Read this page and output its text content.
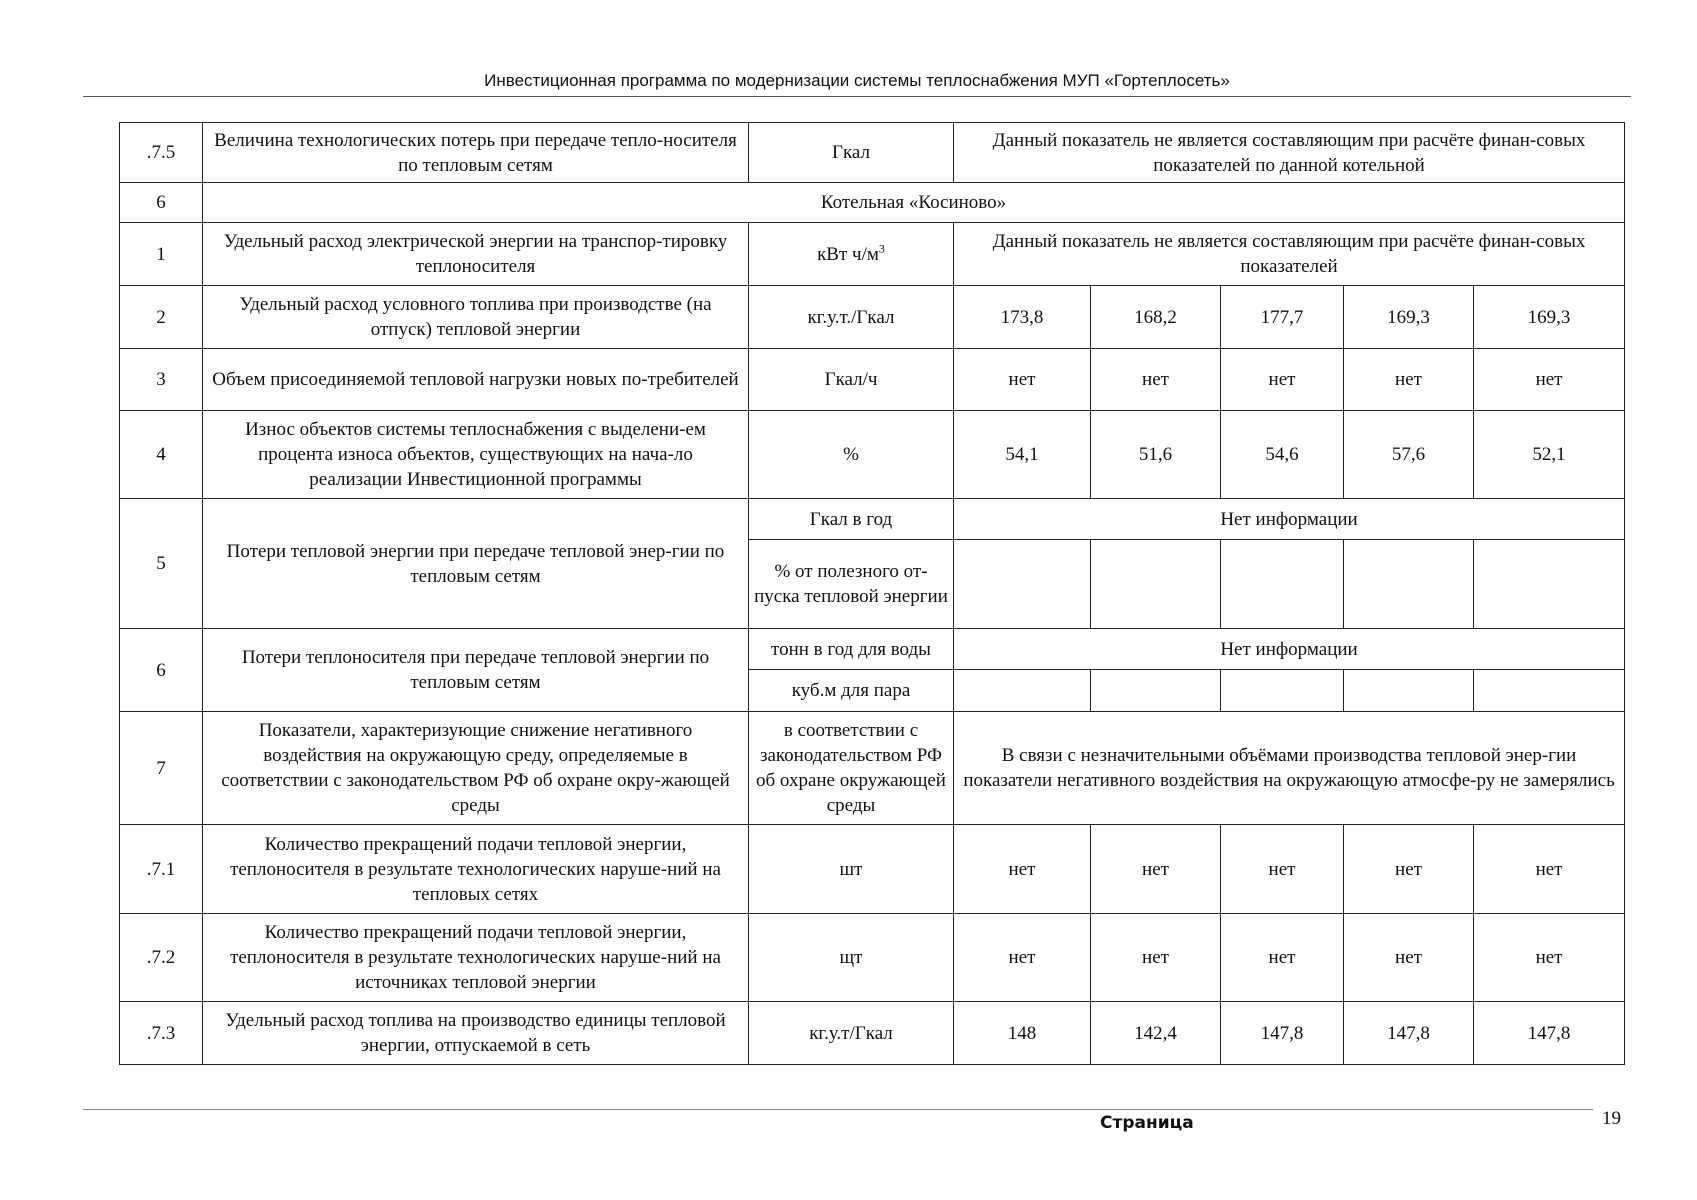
Инвестиционная программа по модернизации системы теплоснабжения МУП «Гортеплосеть»
.7.5	Величина технологических потерь при передаче тепло-носителя по тепловым сетям	Гкал	Данный показатель не является составляющим при расчёте финан-совых показателей по данной котельной				
6	Котельная «Косиново»						
1	Удельный расход электрической энергии на транспор-тировку теплоносителя	кВт $ч/м^3$	Данный показатель не является составляющим при расчёте финан-совых показателей				
2	Удельный расход условного топлива при производстве (на отпуск) тепловой энергии	кг.у.т./Гкал	173,8	168,2	177,7	169,3	169,3
3	Объем присоединяемой тепловой нагрузки новых по-требителей	Гкал/ч	нет	нет	нет	нет	нет
4	Износ объектов системы теплоснабжения с выделени-ем процента износа объектов, существующих на нача-ло реализации Инвестиционной программы	%	54,1	51,6	54,6	57,6	52,1
5	Потери тепловой энергии при передаче тепловой энер-гии по тепловым сетям	Гкал в год	Нет информации				
		% от полезного от-пуска тепловой энергии					
6	Потери теплоносителя при передаче тепловой энергии по тепловым сетям	тонн в год для воды	Нет информации				
		куб.м для пара					
7	Показатели, характеризующие снижение негативного воздействия на окружающую среду, определяемые в соответствии с законодательством РФ об охране окру-жающей среды	в соответствии с законодательством РФ об охране окружающей среды	В связи с незначительными объёмами производства тепловой энер-гии показатели негативного воздействия на окружающую атмосфе-ру не замерялись				
.7.1	Количество прекращений подачи тепловой энергии, теплоносителя в результате технологических наруше-ний на тепловых сетях	шт	нет	нет	нет	нет	нет
.7.2	Количество прекращений подачи тепловой энергии, теплоносителя в результате технологических наруше-ний на источниках тепловой энергии	щт	нет	нет	нет	нет	нет
.7.3	Удельный расход топлива на производство единицы тепловой энергии, отпускаемой в сеть	кг.у.т/Гкал	148	142,4	147,8	147,8	147,8
Страница	19
